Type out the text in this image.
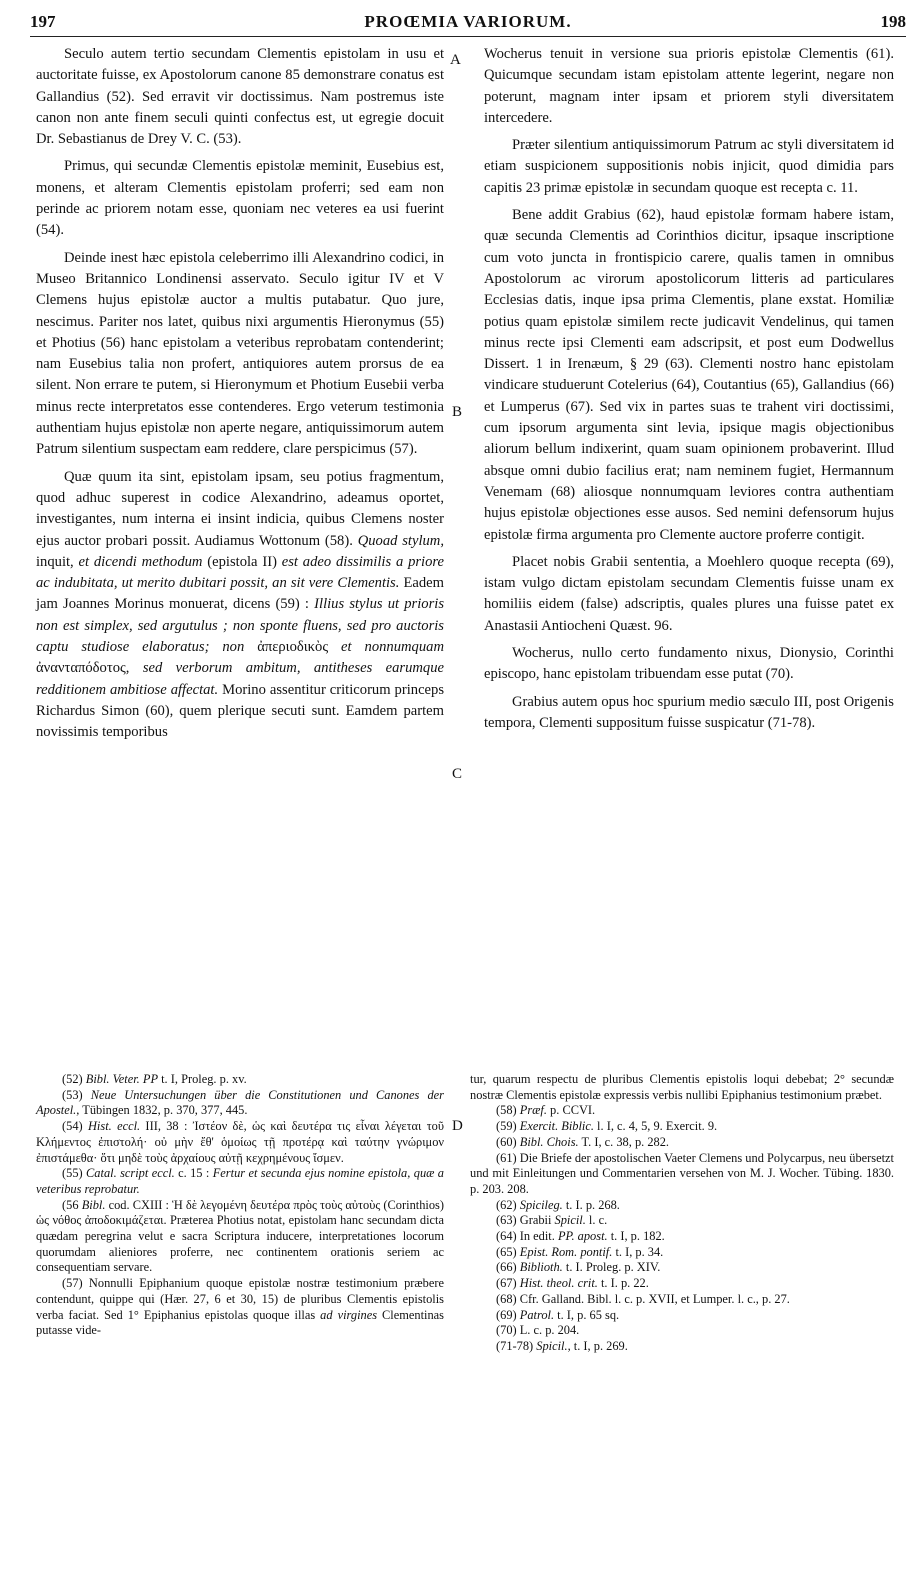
197	PROŒMIA VARIORUM.	198
A
B
C
D

Seculo autem tertio secundam Clementis epistolam in usu et auctoritate fuisse, ex Apostolorum canone 85 demonstrare conatus est Gallandius (52). Sed erravit vir doctissimus. Nam postremus iste canon non ante finem seculi quinti confectus est, ut egregie docuit Dr. Sebastianus de Drey V. C. (53).

Primus, qui secundæ Clementis epistolæ meminit, Eusebius est, monens, et alteram Clementis epistolam proferri; sed eam non perinde ac priorem notam esse, quoniam nec veteres ea usi fuerint (54).

Deinde inest hæc epistola celeberrimo illi Alexandrino codici, in Museo Britannico Londinensi asservato. Seculo igitur IV et V Clemens hujus epistolæ auctor a multis putabatur. Quo jure, nescimus. Pariter nos latet, quibus nixi argumentis Hieronymus (55) et Photius (56) hanc epistolam a veteribus reprobatam contenderint; nam Eusebius talia non profert, antiquiores autem prorsus de ea silent. Non errare te putem, si Hieronymum et Photium Eusebii verba minus recte interpretatos esse contenderes. Ergo veterum testimonia authentiam hujus epistolæ non aperte negare, antiquissimorum autem Patrum silentium suspectam eam reddere, clare perspicimus (57).

Quæ quum ita sint, epistolam ipsam, seu potius fragmentum, quod adhuc superest in codice Alexandrino, adeamus oportet, investigantes, num interna ei insint indicia, quibus Clemens noster ejus auctor probari possit. Audiamus Wottonum (58). Quoad stylum, inquit, et dicendi methodum (epistola II) est adeo dissimilis a priore ac indubitata, ut merito dubitari possit, an sit vere Clementis. Eadem jam Joannes Morinus monuerat, dicens (59) : Illius stylus ut prioris non est simplex, sed argutulus ; non sponte fluens, sed pro auctoris captu studiose elaboratus; non ἀπεριοδικὸς et nonnumquam ἀνανταπόδοτος, sed verborum ambitum, antitheses earumque redditionem ambitiose affectat. Morino assentitur criticorum princeps Richardus Simon (60), quem plerique secuti sunt. Eamdem partem novissimis temporibus

Wocherus tenuit in versione sua prioris epistolæ Clementis (61). Quicumque secundam istam epistolam attente legerint, negare non poterunt, magnam inter ipsam et priorem styli diversitatem intercedere.

Præter silentium antiquissimorum Patrum ac styli diversitatem id etiam suspicionem suppositionis nobis injicit, quod dimidia pars capitis 23 primæ epistolæ in secundam quoque est recepta c. 11.

Bene addit Grabius (62), haud epistolæ formam habere istam, quæ secunda Clementis ad Corinthios dicitur, ipsaque inscriptione cum voto juncta in frontispicio carere, qualis tamen in omnibus Apostolorum ac virorum apostolicorum litteris ad particulares Ecclesias datis, inque ipsa prima Clementis, plane exstat. Homiliæ potius quam epistolæ similem recte judicavit Vendelinus, qui tamen minus recte ipsi Clementi eam adscripsit, et post eum Dodwellus Dissert. 1 in Irenæum, § 29 (63). Clementi nostro hanc epistolam vindicare studuerunt Cotelerius (64), Coutantius (65), Gallandius (66) et Lumperus (67). Sed vix in partes suas te trahent viri doctissimi, cum ipsorum argumenta sint levia, ipsique magis objectionibus aliorum bellum indixerint, quam suam opinionem probaverint. Illud absque omni dubio facilius erat; nam neminem fugiet, Hermannum Venemam (68) aliosque nonnumquam leviores contra authentiam hujus epistolæ objectiones esse ausos. Sed nemini defensorum hujus epistolæ firma argumenta pro Clemente auctore proferre contigit.

Placet nobis Grabii sententia, a Moehlero quoque recepta (69), istam vulgo dictam epistolam secundam Clementis fuisse unam ex homiliis eidem (false) adscriptis, quales plures una fuisse patet ex Anastasii Antiocheni Quæst. 96.

Wocherus, nullo certo fundamento nixus, Dionysio, Corinthi episcopo, hanc epistolam tribuendam esse putat (70).

Grabius autem opus hoc spurium medio sæculo III, post Origenis tempora, Clementi suppositum fuisse suspicatur (71-78).

(52) Bibl. Veter. PP t. I, Proleg. p. xv.

(53) Neue Untersuchungen über die Constitutionen und Canones der Apostel., Tübingen 1832, p. 370, 377, 445.

(54) Hist. eccl. III, 38 : Ἰστέον δὲ, ὡς καὶ δευτέρα τις εἶναι λέγεται τοῦ Κλήμεντος ἐπιστολή· οὐ μὴν ἔθ' ὁμοίως τῇ προτέρᾳ καὶ ταύτην γνώριμον ἐπιστάμεθα· ὅτι μηδὲ τοὺς ἀρχαίους αὐτῇ κεχρημένους ἴσμεν.

(55) Catal. script eccl. c. 15 : Fertur et secunda ejus nomine epistola, quæ a veteribus reprobatur.

(56 Bibl. cod. CXIII : Ἡ δὲ λεγομένη δευτέρα πρὸς τοὺς αὐτοὺς (Corinthios) ὡς νόθος ἀποδοκιμάζεται. Præterea Photius notat, epistolam hanc secundam dicta quædam peregrina velut e sacra Scriptura inducere, interpretationes locorum quorumdam alieniores proferre, nec continentem orationis seriem ac consequentiam servare.

(57) Nonnulli Epiphanium quoque epistolæ nostræ testimonium præbere contendunt, quippe qui (Hær. 27, 6 et 30, 15) de pluribus Clementis epistolis verba faciat. Sed 1° Epiphanius epistolas quoque illas ad virgines Clementinas putasse vide-

tur, quarum respectu de pluribus Clementis epistolis loqui debebat; 2° secundæ nostræ Clementis epistolæ expressis verbis nullibi Epiphanius testimonium præbet.

(58) Præf. p. CCVI.

(59) Exercit. Biblic. l. I, c. 4, 5, 9. Exercit. 9.

(60) Bibl. Chois. T. I, c. 38, p. 282.

(61) Die Briefe der apostolischen Vaeter Clemens und Polycarpus, neu übersetzt und mit Einleitungen und Commentarien versehen von M. J. Wocher. Tübing. 1830. p. 203. 208.

(62) Spicileg. t. I. p. 268.

(63) Grabii Spicil. l. c.

(64) In edit. PP. apost. t. I, p. 182.

(65) Epist. Rom. pontif. t. I, p. 34.

(66) Biblioth. t. I. Proleg. p. XIV.

(67) Hist. theol. crit. t. I. p. 22.

(68) Cfr. Galland. Bibl. l. c. p. XVII, et Lumper. l. c., p. 27.

(69) Patrol. t. I, p. 65 sq.

(70) L. c. p. 204.

(71-78) Spicil., t. I, p. 269.
